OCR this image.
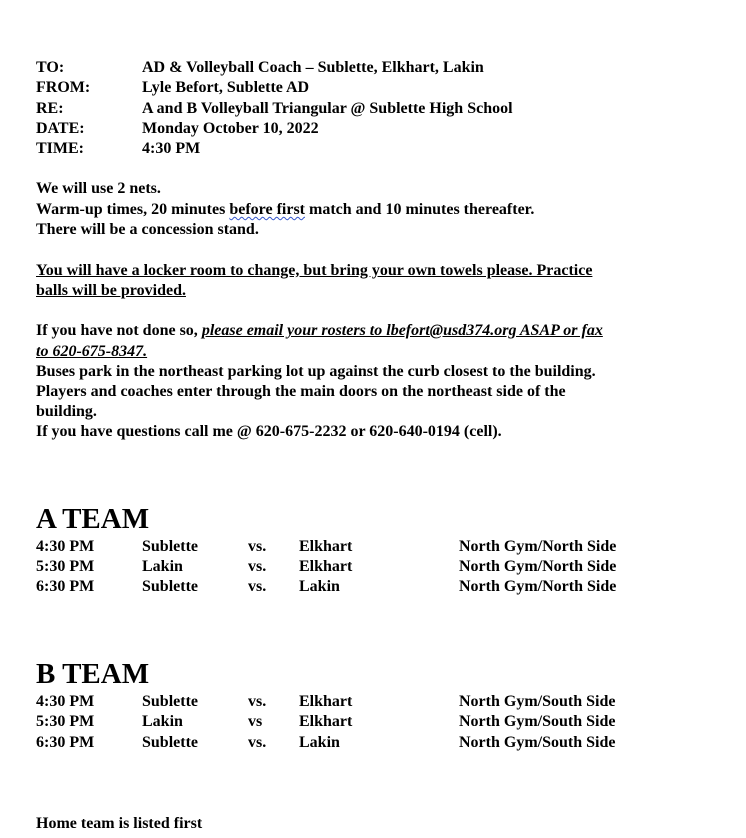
TO:	AD & Volleyball Coach – Sublette, Elkhart, Lakin
FROM:	Lyle Befort, Sublette AD
RE:	A and B Volleyball Triangular @ Sublette High School
DATE:	Monday October 10, 2022
TIME:	4:30 PM
We will use 2 nets.
Warm-up times, 20 minutes before first match and 10 minutes thereafter.
There will be a concession stand.
You will have a locker room to change, but bring your own towels please. Practice
balls will be provided.
If you have not done so, please email your rosters to lbefort@usd374.org ASAP or fax
to 620-675-8347.
Buses park in the northeast parking lot up against the curb closest to the building.
Players and coaches enter through the main doors on the northeast side of the
building.
If you have questions call me @ 620-675-2232 or 620-640-0194 (cell).
A TEAM
4:30 PM	Sublette	vs. Elkhart	North Gym/North Side
5:30 PM	Lakin	vs. Elkhart	North Gym/North Side
6:30 PM	Sublette	vs. Lakin	North Gym/North Side
B TEAM
4:30 PM	Sublette	vs. Elkhart	North Gym/South Side
5:30 PM	Lakin	vs Elkhart	North Gym/South Side
6:30 PM	Sublette	vs. Lakin	North Gym/South Side
Home team is listed first
